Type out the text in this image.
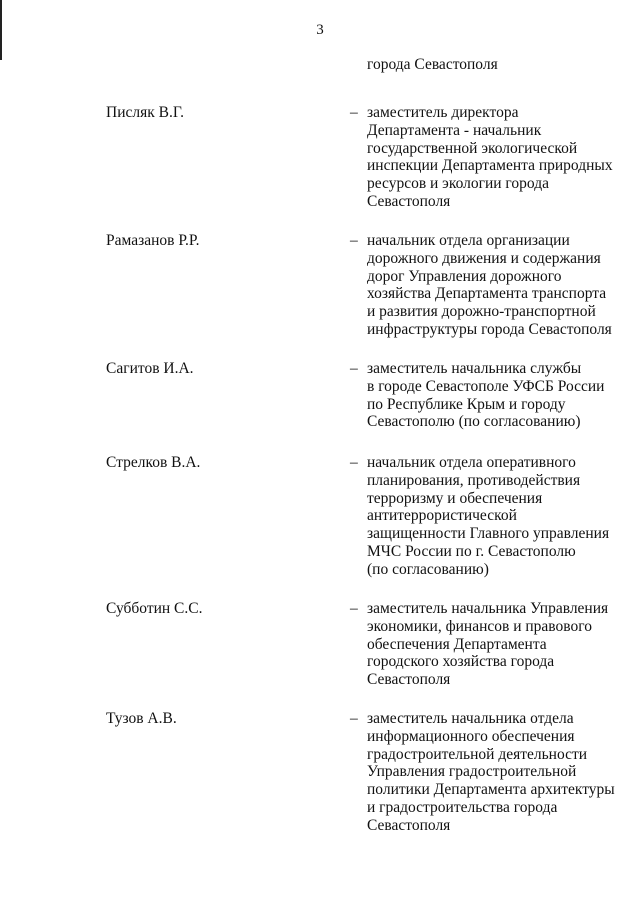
3
города Севастополя
Писляк В.Г.	– заместитель директора
Департамента - начальник
государственной экологической
инспекции Департамента природных
ресурсов и экологии города
Севастополя
Рамазанов Р.Р.	– начальник отдела организации
дорожного движения и содержания
дорог Управления дорожного
хозяйства Департамента транспорта
и развития дорожно-транспортной
инфраструктуры города Севастополя
Сагитов И.А.	– заместитель начальника службы
в городе Севастополе УФСБ России
по Республике Крым и городу
Севастополю (по согласованию)
Стрелков В.А.	– начальник отдела оперативного
планирования, противодействия
терроризму и обеспечения
антитеррористической
защищенности Главного управления
МЧС России по г. Севастополю
(по согласованию)
Субботин С.С.	– заместитель начальника Управления
экономики, финансов и правового
обеспечения Департамента
городского хозяйства города
Севастополя
Тузов А.В.	– заместитель начальника отдела
информационного обеспечения
градостроительной деятельности
Управления градостроительной
политики Департамента архитектуры
и градостроительства города
Севастополя
